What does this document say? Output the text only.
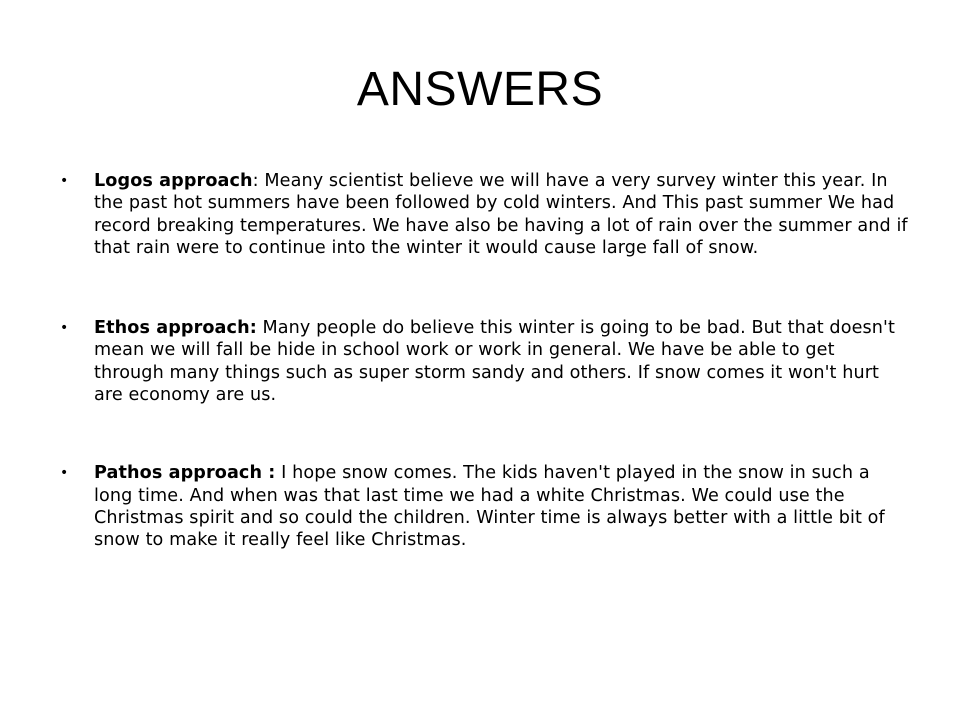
ANSWERS
•	Logos approach: Meany scientist believe we will have a very survey winter this year. In the past hot summers have been followed by cold winters. And This past summer We had record breaking temperatures. We have also be having a lot of rain over the summer and if that rain were to continue into the winter it would cause large fall of snow.
•	Ethos approach: Many people do believe this winter is going to be bad. But that doesn't mean we will fall be hide in school work or work in general. We have be able to get through many things such as super storm sandy and others. If snow comes it won't hurt are economy are us.
•	Pathos approach : I hope snow comes. The kids haven't played in the snow in such a long time. And when was that last time we had a white Christmas. We could use the Christmas spirit and so could the children. Winter time is always better with a little bit of snow to make it really feel like Christmas.
